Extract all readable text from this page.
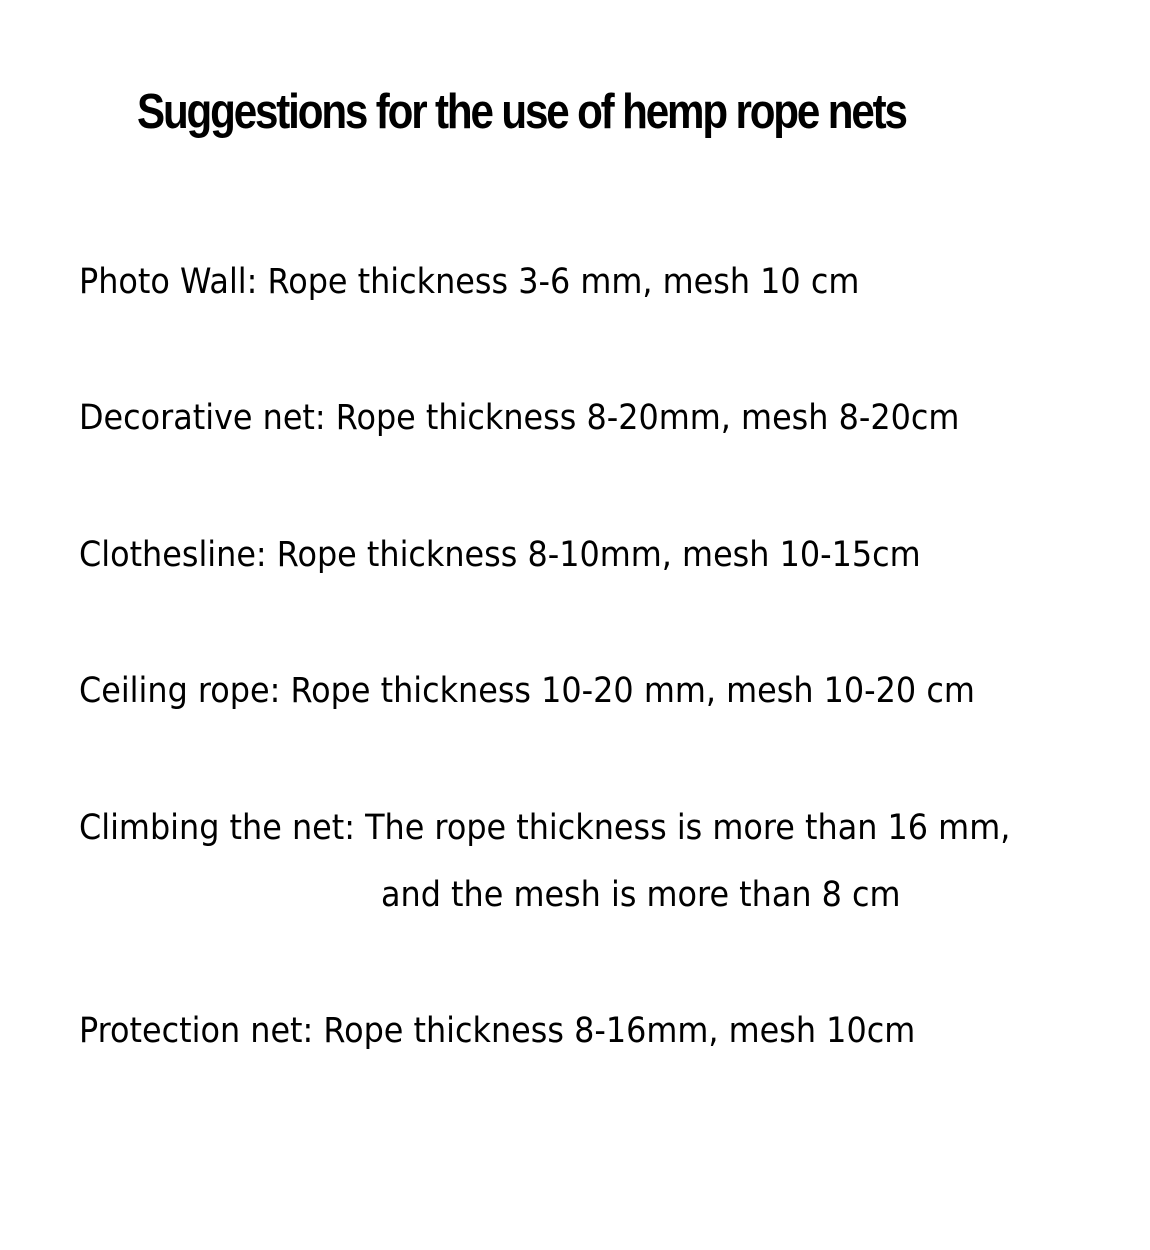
Suggestions for the use of hemp rope nets

Photo Wall: Rope thickness 3-6 mm, mesh 10 cm

Decorative net: Rope thickness 8-20mm, mesh 8-20cm

Clothesline: Rope thickness 8-10mm, mesh 10-15cm

Ceiling rope: Rope thickness 10-20 mm, mesh 10-20 cm

Climbing the net: The rope thickness is more than 16 mm,

and the mesh is more than 8 cm

Protection net: Rope thickness 8-16mm, mesh 10cm
